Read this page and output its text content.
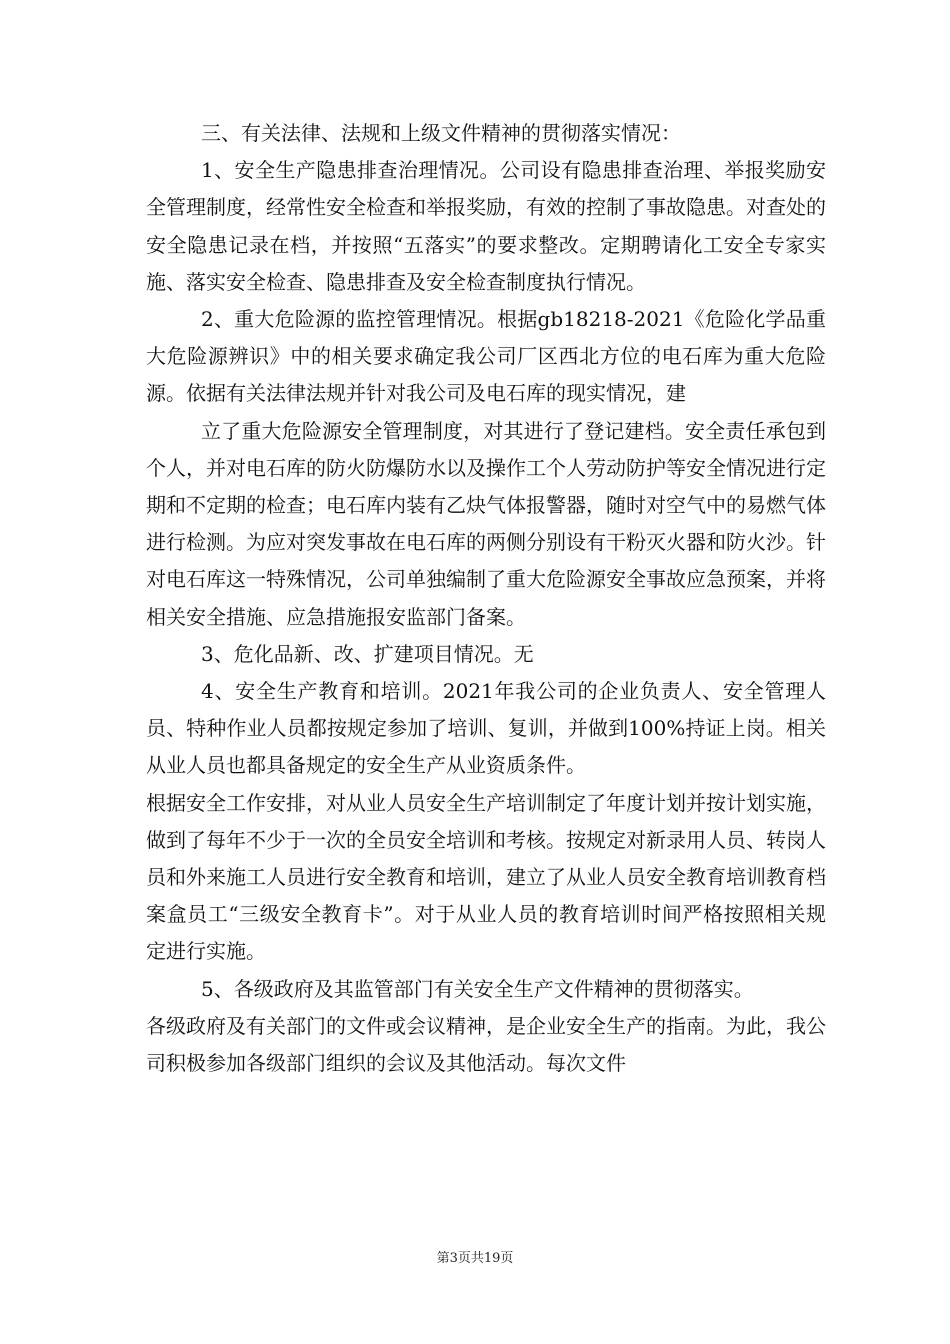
三、有关法律、法规和上级文件精神的贯彻落实情况：

1、安全生产隐患排查治理情况。公司设有隐患排查治理、举报奖励安全管理制度，经常性安全检查和举报奖励，有效的控制了事故隐患。对查处的安全隐患记录在档，并按照“五落实”的要求整改。定期聘请化工安全专家实施、落实安全检查、隐患排查及安全检查制度执行情况。

2、重大危险源的监控管理情况。根据gb18218-2021《危险化学品重大危险源辨识》中的相关要求确定我公司厂区西北方位的电石库为重大危险源。依据有关法律法规并针对我公司及电石库的现实情况，建

立了重大危险源安全管理制度，对其进行了登记建档。安全责任承包到个人，并对电石库的防火防爆防水以及操作工个人劳动防护等安全情况进行定期和不定期的检查；电石库内装有乙炔气体报警器，随时对空气中的易燃气体进行检测。为应对突发事故在电石库的两侧分别设有干粉灭火器和防火沙。针对电石库这一特殊情况，公司单独编制了重大危险源安全事故应急预案，并将相关安全措施、应急措施报安监部门备案。

3、危化品新、改、扩建项目情况。无

4、安全生产教育和培训。2021年我公司的企业负责人、安全管理人员、特种作业人员都按规定参加了培训、复训，并做到100%持证上岗。相关从业人员也都具备规定的安全生产从业资质条件。

根据安全工作安排，对从业人员安全生产培训制定了年度计划并按计划实施，做到了每年不少于一次的全员安全培训和考核。按规定对新录用人员、转岗人员和外来施工人员进行安全教育和培训，建立了从业人员安全教育培训教育档案盒员工“三级安全教育卡”。对于从业人员的教育培训时间严格按照相关规定进行实施。

5、各级政府及其监管部门有关安全生产文件精神的贯彻落实。

各级政府及有关部门的文件或会议精神，是企业安全生产的指南。为此，我公司积极参加各级部门组织的会议及其他活动。每次文件

第3页共19页
